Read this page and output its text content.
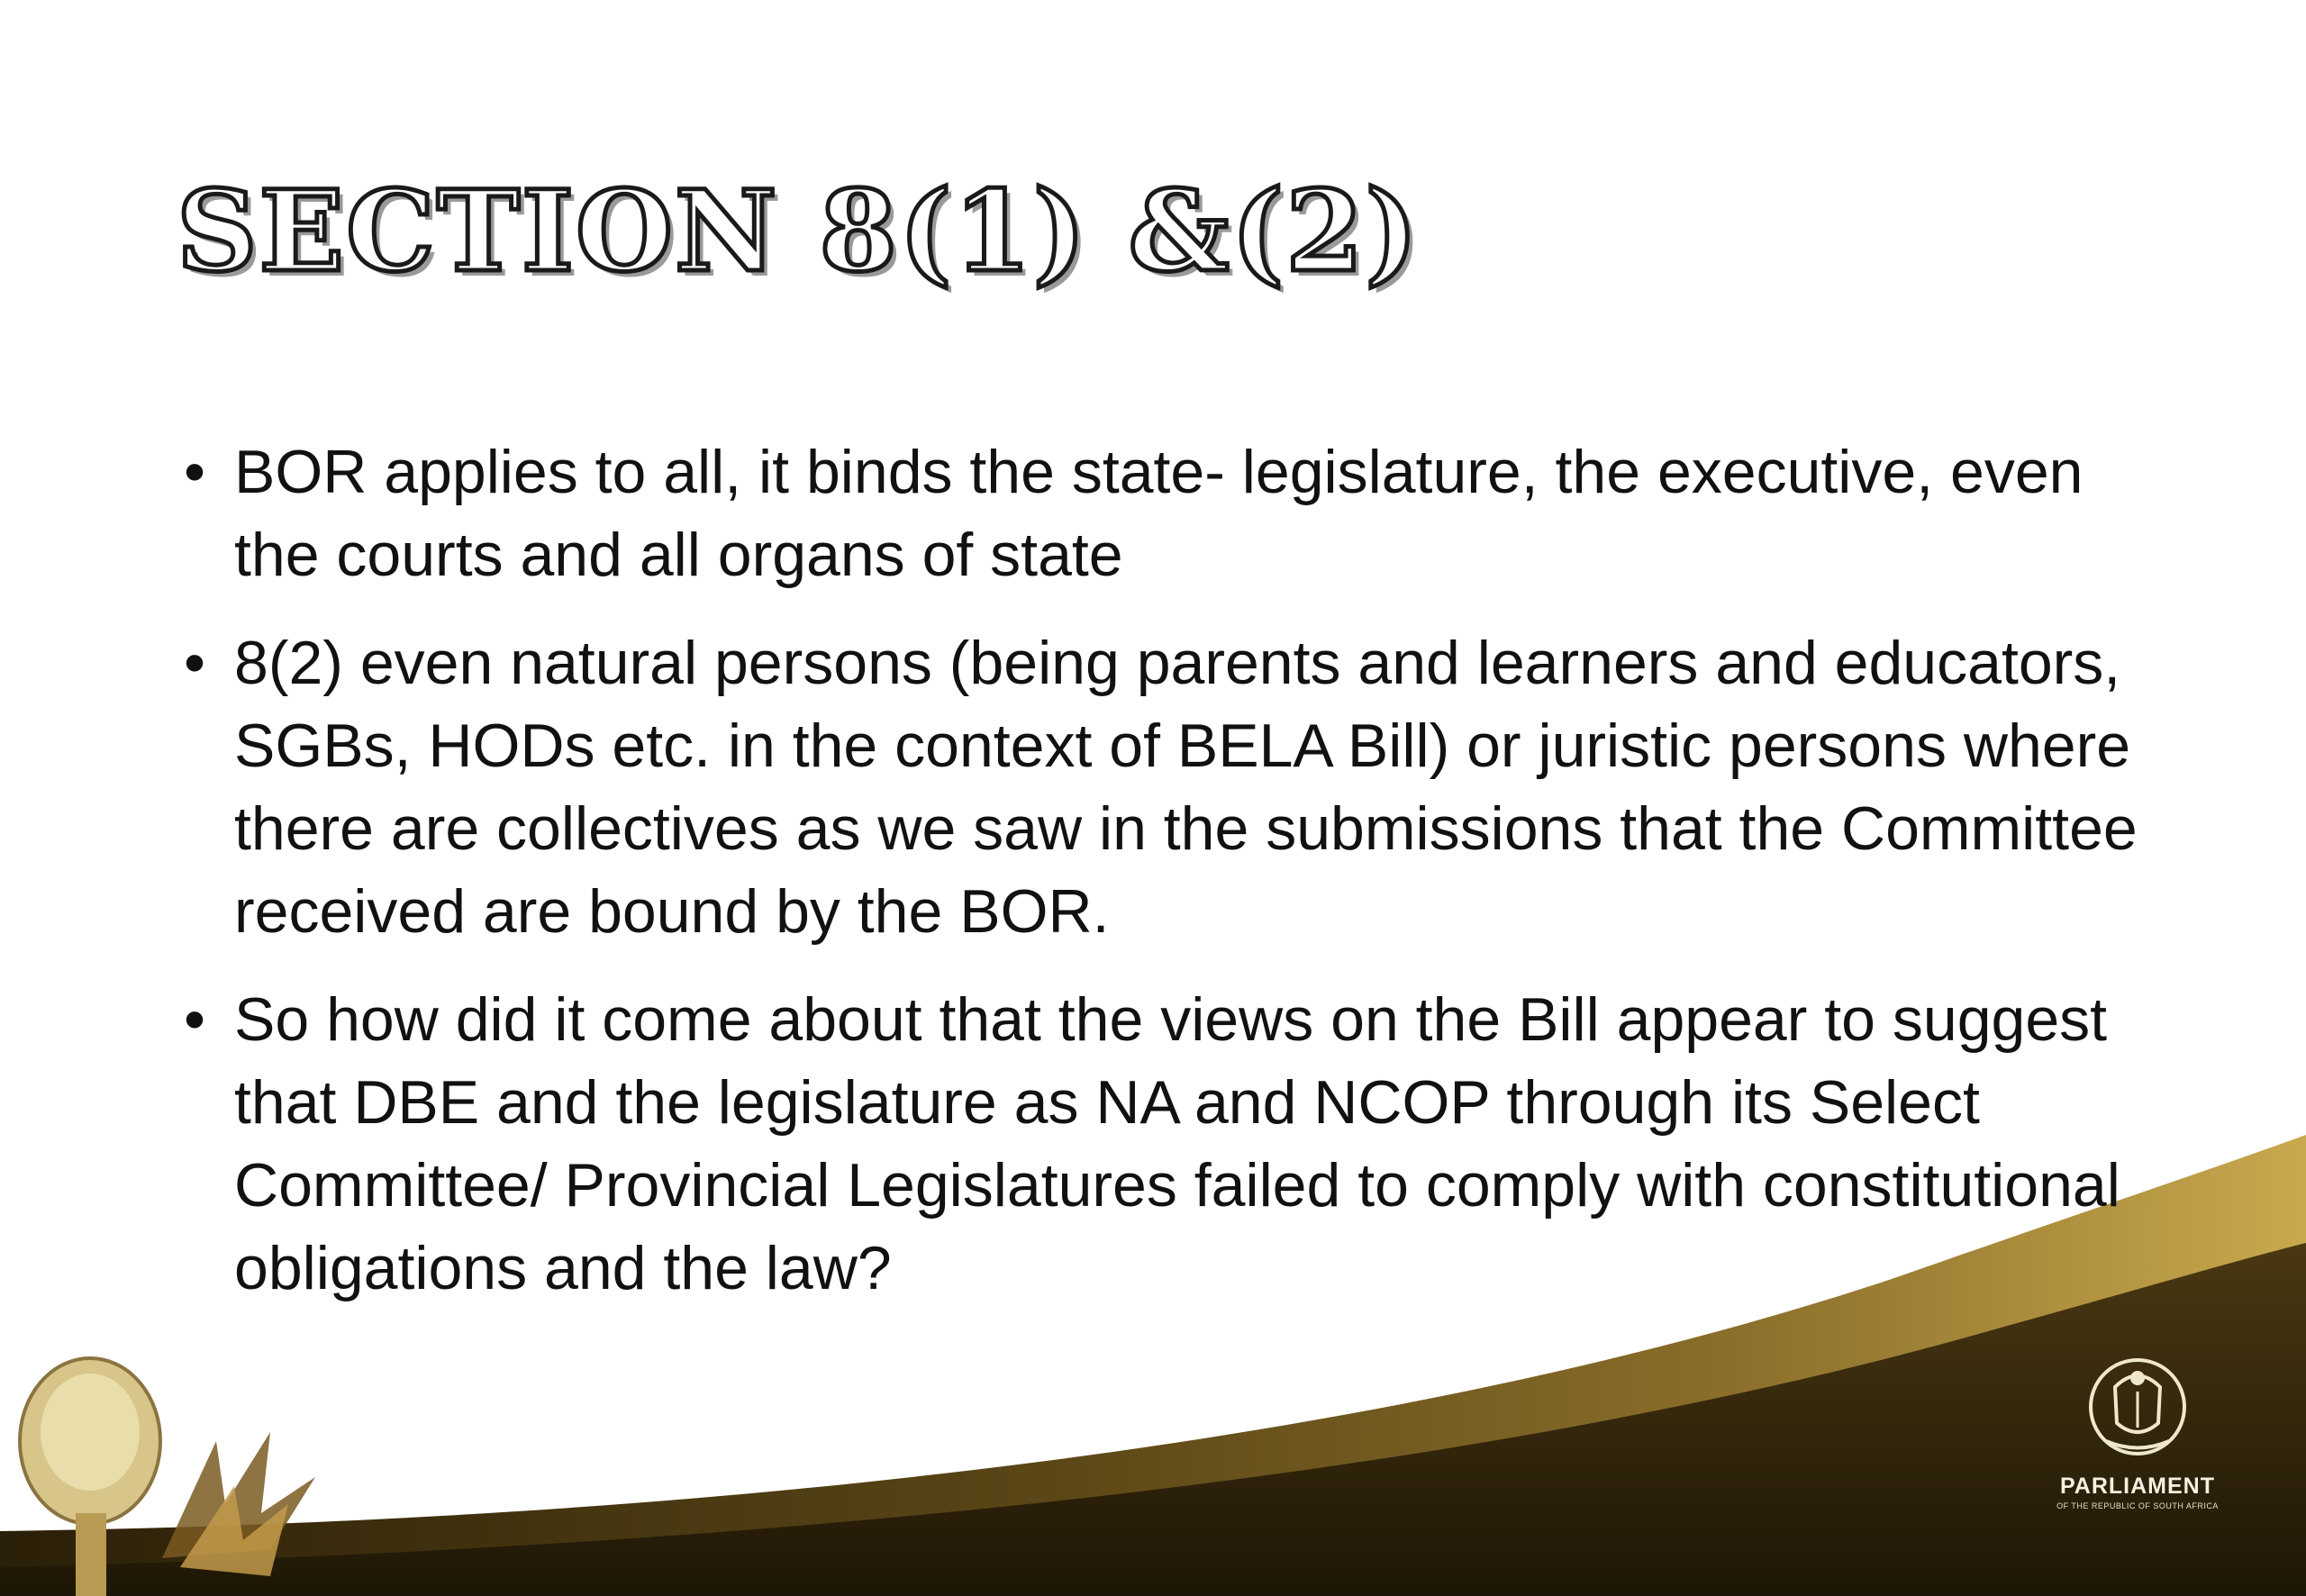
SECTION 8(1) &(2)
• BOR applies to all, it binds the state- legislature, the executive, even the courts and all organs of state
• 8(2) even natural persons (being parents and learners and educators, SGBs, HODs etc. in the context of BELA Bill) or juristic persons where there are collectives as we saw in the submissions that the Committee received are bound by the BOR.
• So how did it come about that the views on the Bill appear to suggest that DBE and the legislature as NA and NCOP through its Select Committee/ Provincial Legislatures failed to comply with constitutional obligations and the law?
PARLIAMENT
OF THE REPUBLIC OF SOUTH AFRICA
